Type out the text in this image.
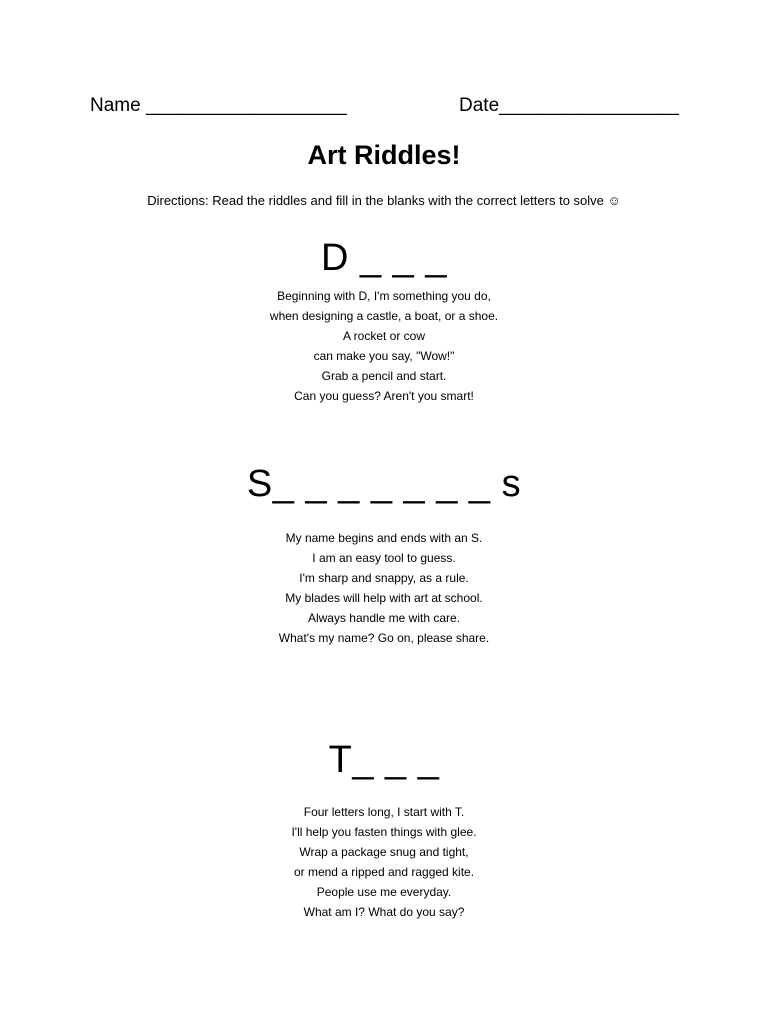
Name ___________________	Date_________________
Art Riddles!
Directions: Read the riddles and fill in the blanks with the correct letters to solve ☺
D _ _ _
Beginning with D, I'm something you do,
when designing a castle, a boat, or a shoe.
A rocket or cow
can make you say, "Wow!"
Grab a pencil and start.
Can you guess? Aren't you smart!
S_ _ _ _ _ _ _ s
My name begins and ends with an S.
I am an easy tool to guess.
I'm sharp and snappy, as a rule.
My blades will help with art at school.
Always handle me with care.
What's my name? Go on, please share.
T_ _ _
Four letters long, I start with T.
I'll help you fasten things with glee.
Wrap a package snug and tight,
or mend a ripped and ragged kite.
People use me everyday.
What am I? What do you say?
